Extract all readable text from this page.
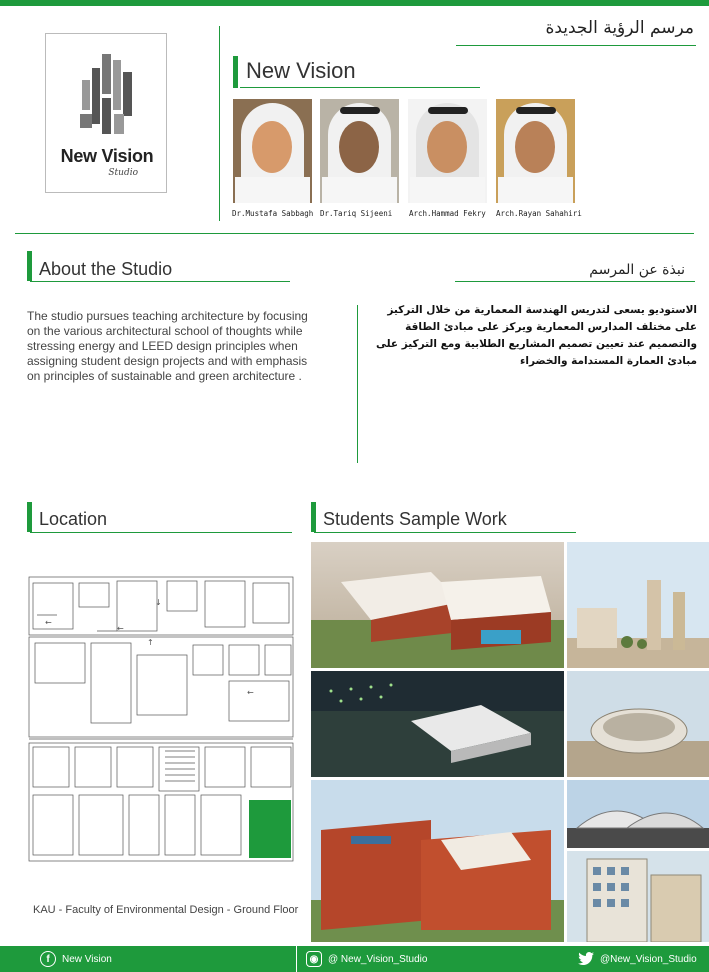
New Vision
Studio
مرسم الرؤية الجديدة
New Vision
Dr.Mustafa Sabbagh Dr.Tariq Sijeeni Arch.Hammad Fekry Arch.Rayan Sahahiri
About the Studio	نبذة عن المرسم
The studio pursues teaching architecture by focusing on the various architectural school of thoughts while stressing energy and LEED design principles when assigning student design projects and with emphasis on principles of sustainable and green architecture .
الاستوديو يسعى لتدريس الهندسة المعمارية من خلال التركيز على مختلف المدارس المعمارية ويركز على مبادئ الطاقة والتصميم عند تعيين تصميم المشاريع الطلابية ومع التركيز على مبادئ العمارة المستدامة والخضراء
Location
←
←
↓
↑
←
KAU - Faculty of Environmental Design - Ground Floor
Students Sample Work
f	New Vision	◉ @ New_Vision_Studio	@New_Vision_Studio
